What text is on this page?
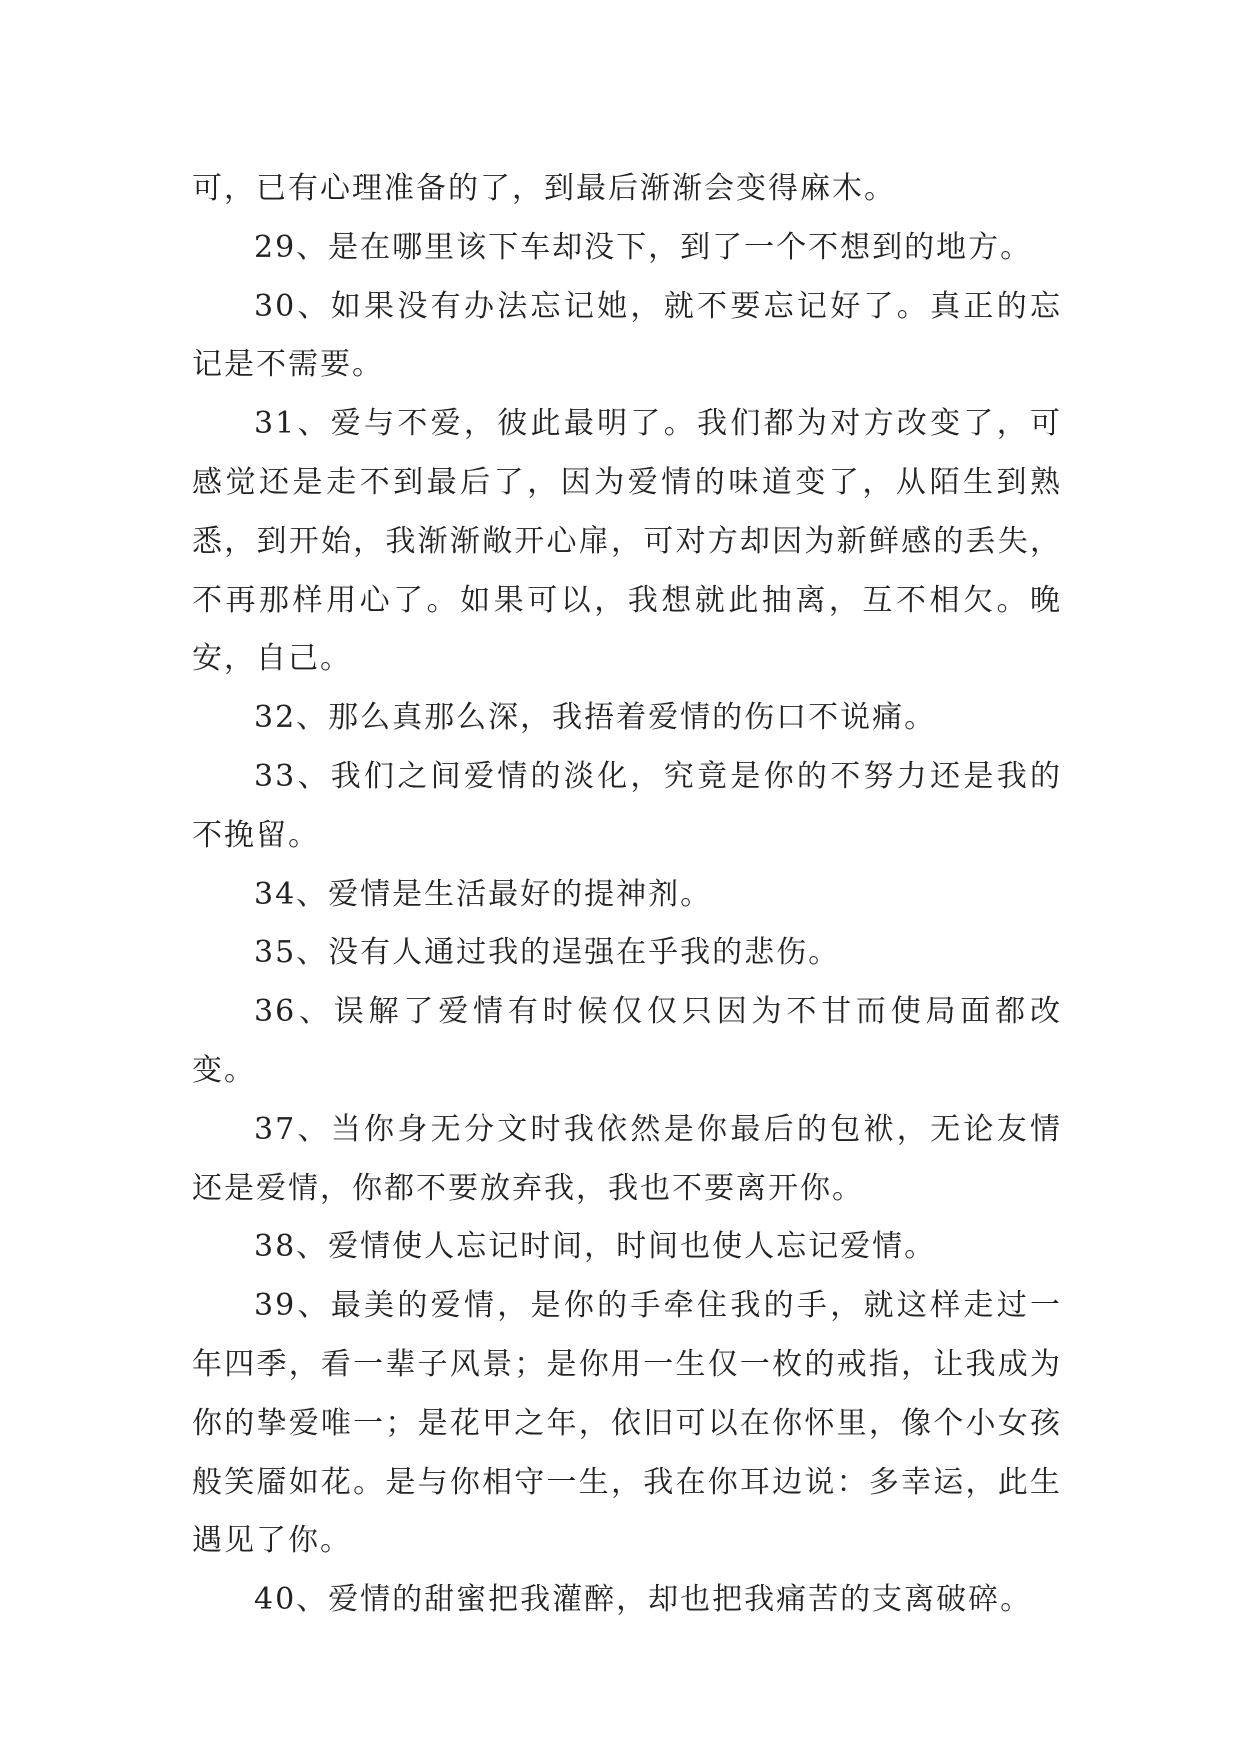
可，已有心理准备的了，到最后渐渐会变得麻木。

29、是在哪里该下车却没下，到了一个不想到的地方。

30、如果没有办法忘记她，就不要忘记好了。真正的忘记是不需要。

31、爱与不爱，彼此最明了。我们都为对方改变了，可感觉还是走不到最后了，因为爱情的味道变了，从陌生到熟悉，到开始，我渐渐敞开心扉，可对方却因为新鲜感的丢失，不再那样用心了。如果可以，我想就此抽离，互不相欠。晚安，自己。

32、那么真那么深，我捂着爱情的伤口不说痛。

33、我们之间爱情的淡化，究竟是你的不努力还是我的不挽留。

34、爱情是生活最好的提神剂。

35、没有人通过我的逞强在乎我的悲伤。

36、误解了爱情有时候仅仅只因为不甘而使局面都改变。

37、当你身无分文时我依然是你最后的包袱，无论友情还是爱情，你都不要放弃我，我也不要离开你。

38、爱情使人忘记时间，时间也使人忘记爱情。

39、最美的爱情，是你的手牵住我的手，就这样走过一年四季，看一辈子风景；是你用一生仅一枚的戒指，让我成为你的挚爱唯一；是花甲之年，依旧可以在你怀里，像个小女孩般笑靥如花。是与你相守一生，我在你耳边说：多幸运，此生遇见了你。

40、爱情的甜蜜把我灌醉，却也把我痛苦的支离破碎。
